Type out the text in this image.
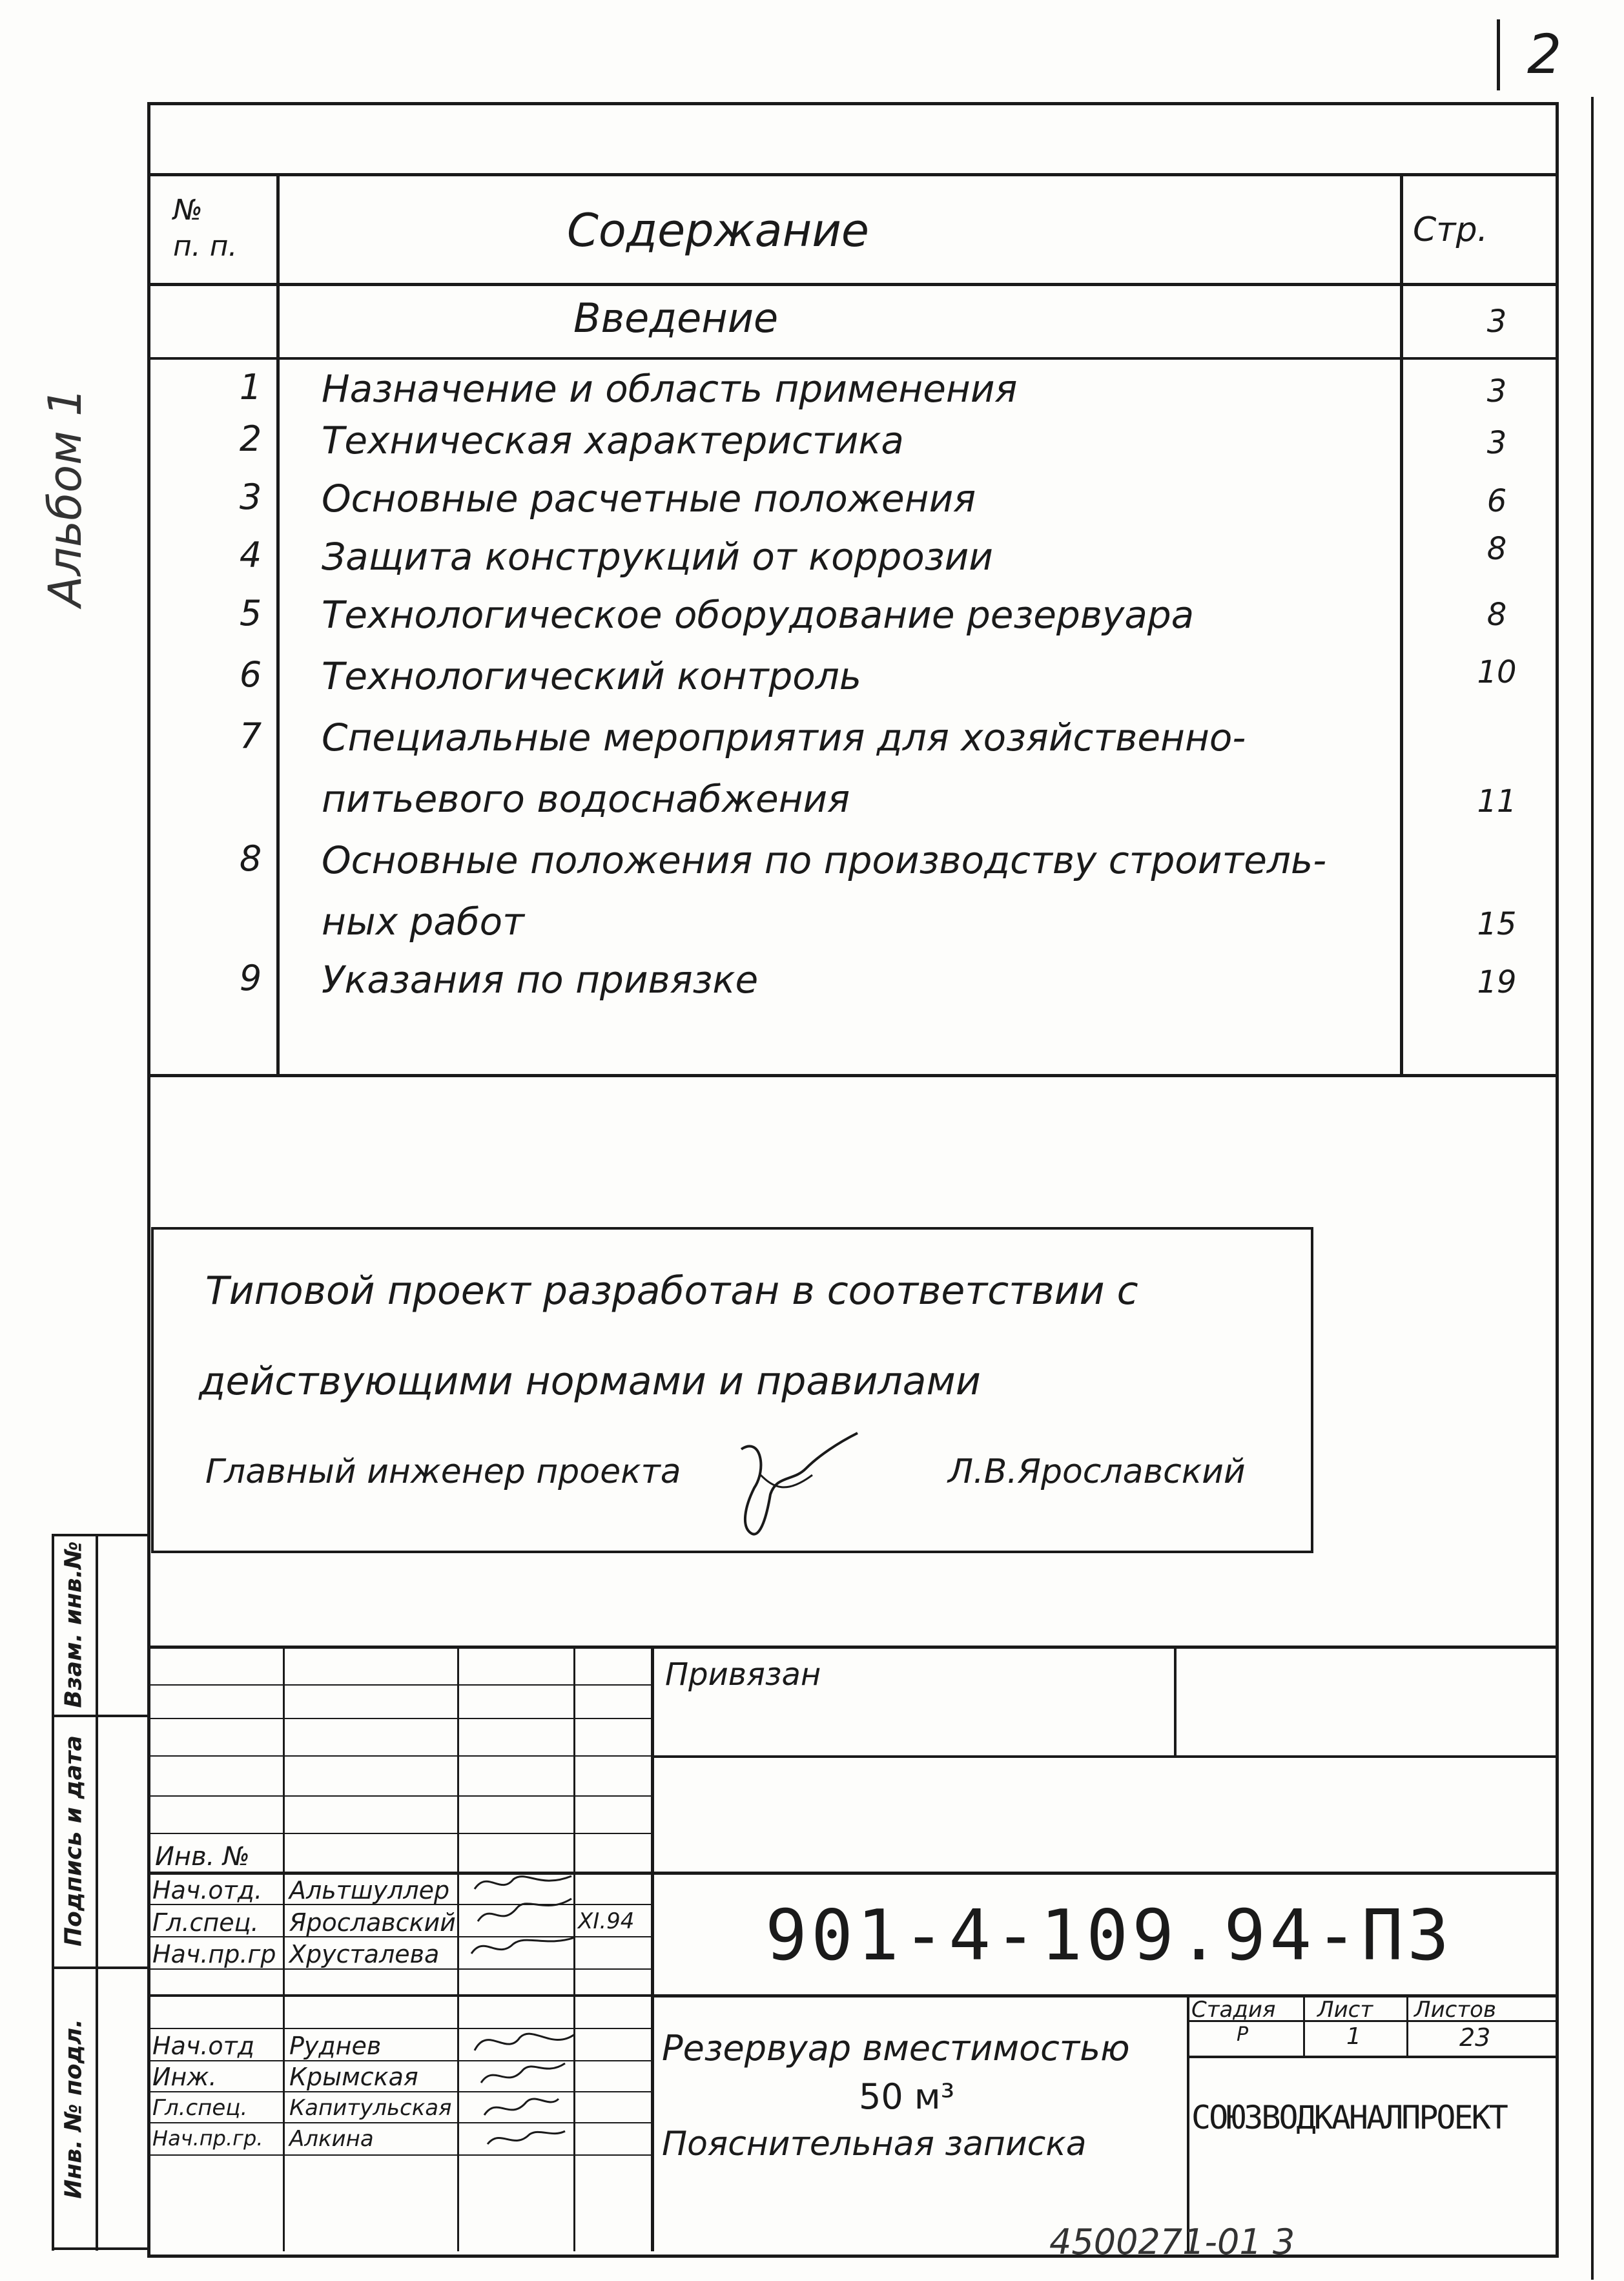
2
Альбом 1
№
п. п.	Содержание	Стр.
Введение	3
1	Назначение и область применения	3
2	Техническая характеристика	3
3	Основные расчетные положения	6
4	Защита конструкций от коррозии	8
5	Технологическое оборудование резервуара	8
6	Технологический контроль	10
7	Специальные мероприятия для хозяйственно-
питьевого водоснабжения	11
8	Основные положения по производству строитель-
ных работ	15
9	Указания по привязке	19
Типовой проект разработан в соответствии с
действующими нормами и правилами
Главный инженер проекта	Л.В.Ярославский
Взам. инв.№
Подпись и дата
Инв. № подл.
Привязан
Инв. №
Нач.отд. Альтшуллер
Гл.спец. Ярославский	XI.94
Нач.пр.гр Хрусталева
Нач.отд Руднев
Инж.	Крымская
Гл.спец. Капитульская
Нач.пр.гр. Алкина
901-4-109.94-ПЗ
Резервуар вместимостью
50 м³
Пояснительная записка
Стадия Лист Листов
Р	1	23
СОЮЗВОДКАНАЛПРОЕКТ
4500271-01 3
